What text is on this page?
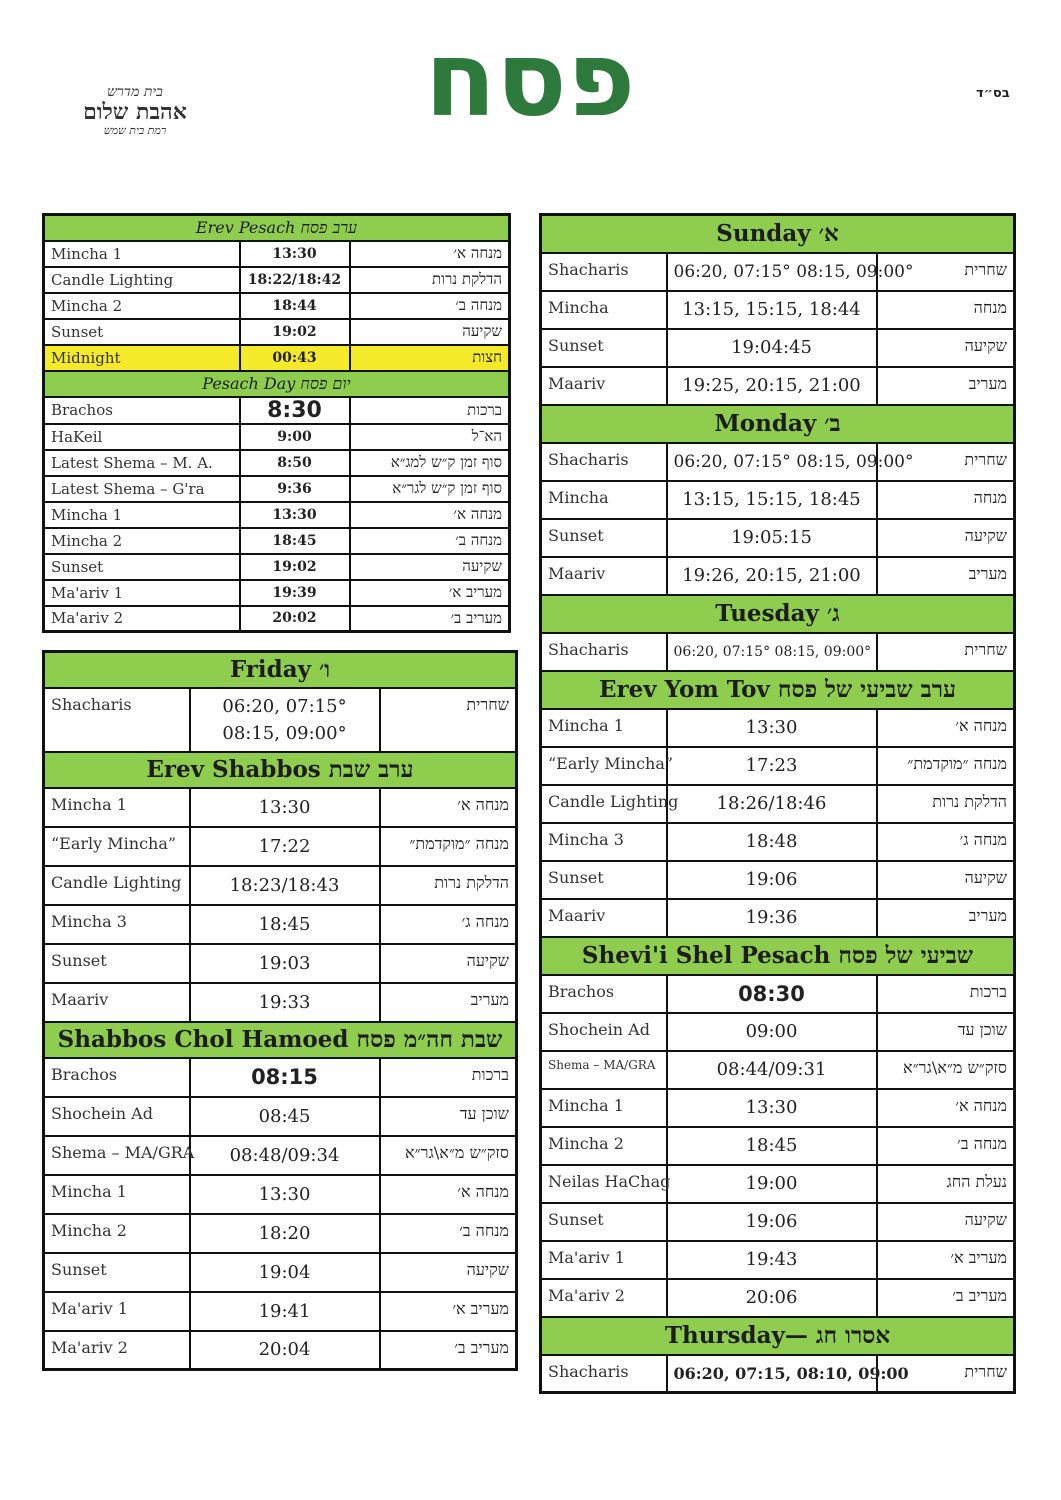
בס״ד
פסח
בית מדרש
אהבת שלום
רמת בית שמש
Erev Pesach ערב פסח		
Mincha 1	13:30	מנחה א׳
Candle Lighting	18:22/18:42	הדלקת נרות
Mincha 2	18:44	מנחה ב׳
Sunset	19:02	שקיעה
Midnight	00:43	חצות
Pesach Day יום פסח		
Brachos	8:30	ברכות
HaKeil	9:00	הא־ל
Latest Shema – M. A.	8:50	סוף זמן ק״ש למג״א
Latest Shema – G'ra	9:36	סוף זמן ק״ש לגר״א
Mincha 1	13:30	מנחה א׳
Mincha 2	18:45	מנחה ב׳
Sunset	19:02	שקיעה
Ma'ariv 1	19:39	מעריב א׳
Ma'ariv 2	20:02	מעריב ב׳
Friday ו׳		
Shacharis	06:20, 07:15° 08:15, 09:00°	שחרית
Erev Shabbos ערב שבת		
Mincha 1	13:30	מנחה א׳
“Early Mincha”	17:22	מנחה ״מוקדמת״
Candle Lighting	18:23/18:43	הדלקת נרות
Mincha 3	18:45	מנחה ג׳
Sunset	19:03	שקיעה
Maariv	19:33	מעריב
Shabbos Chol Hamoed שבת חה״מ פסח		
Brachos	08:15	ברכות
Shochein Ad	08:45	שוכן עד
Shema – MA/GRA	08:48/09:34	סזק״ש מ״א\גר״א
Mincha 1	13:30	מנחה א׳
Mincha 2	18:20	מנחה ב׳
Sunset	19:04	שקיעה
Ma'ariv 1	19:41	מעריב א׳
Ma'ariv 2	20:04	מעריב ב׳
Sunday א׳		
Shacharis	06:20, 07:15° 08:15, 09:00°	שחרית
Mincha	13:15, 15:15, 18:44	מנחה
Sunset	19:04:45	שקיעה
Maariv	19:25, 20:15, 21:00	מעריב
Monday ב׳		
Shacharis	06:20, 07:15° 08:15, 09:00°	שחרית
Mincha	13:15, 15:15, 18:45	מנחה
Sunset	19:05:15	שקיעה
Maariv	19:26, 20:15, 21:00	מעריב
Tuesday ג׳		
Shacharis	06:20, 07:15° 08:15, 09:00°	שחרית
Erev Yom Tov ערב שביעי של פסח		
Mincha 1	13:30	מנחה א׳
“Early Mincha”	17:23	מנחה ״מוקדמת״
Candle Lighting	18:26/18:46	הדלקת נרות
Mincha 3	18:48	מנחה ג׳
Sunset	19:06	שקיעה
Maariv	19:36	מעריב
Shevi'i Shel Pesach שביעי של פסח		
Brachos	08:30	ברכות
Shochein Ad	09:00	שוכן עד
Shema – MA/GRA	08:44/09:31	סזק״ש מ״א\גר״א
Mincha 1	13:30	מנחה א׳
Mincha 2	18:45	מנחה ב׳
Neilas HaChag	19:00	נעלת החג
Sunset	19:06	שקיעה
Ma'ariv 1	19:43	מעריב א׳
Ma'ariv 2	20:06	מעריב ב׳
Thursday— אסרו חג		
Shacharis	06:20, 07:15, 08:10, 09:00	שחרית
